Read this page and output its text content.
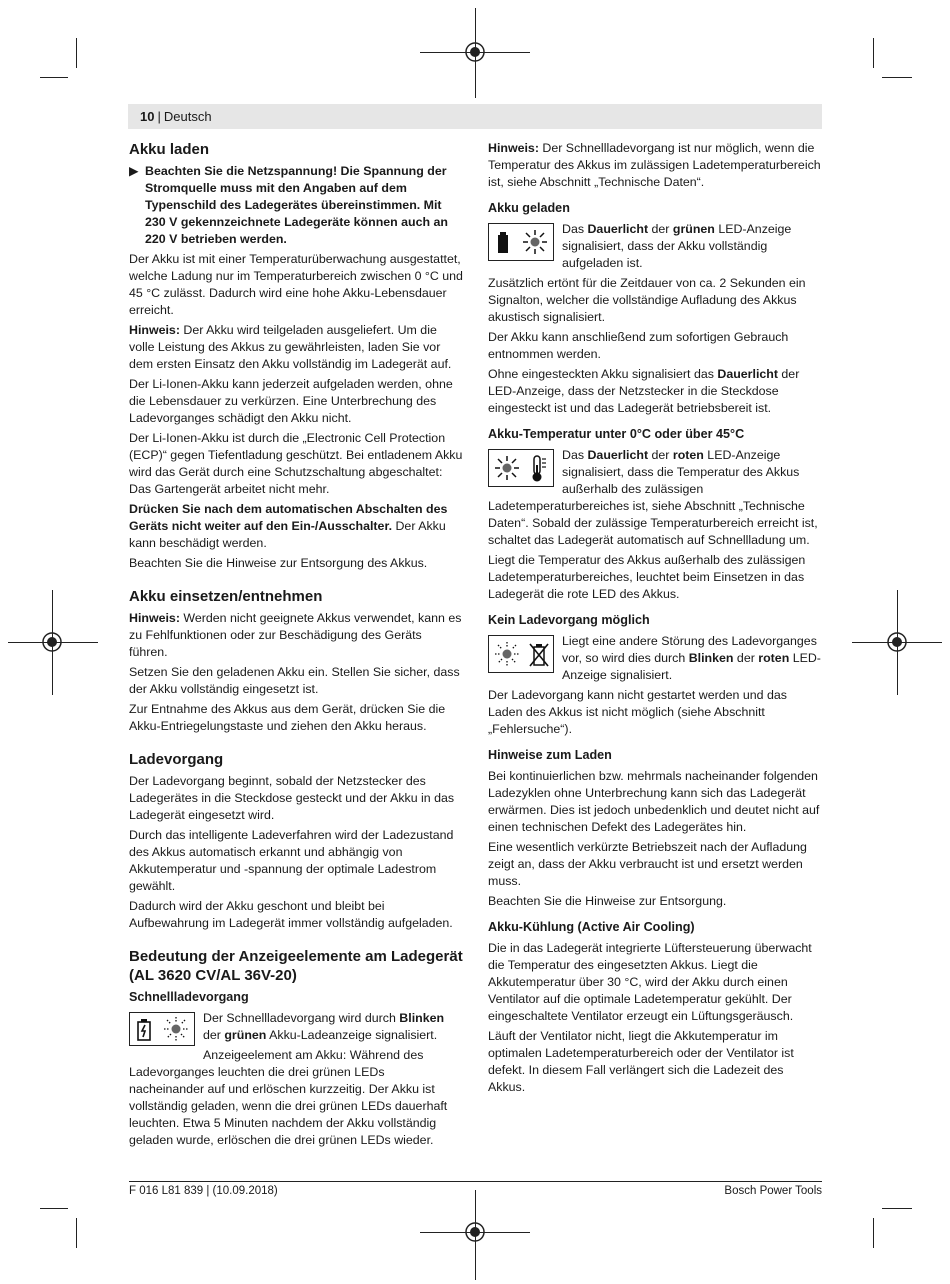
10 | Deutsch
Akku laden
▶ Beachten Sie die Netzspannung! Die Spannung der Stromquelle muss mit den Angaben auf dem Typenschild des Ladegerätes übereinstimmen. Mit 230 V gekennzeichnete Ladegeräte können auch an 220 V betrieben werden.

Der Akku ist mit einer Temperaturüberwachung ausgestattet, welche Ladung nur im Temperaturbereich zwischen 0 °C und 45 °C zulässt. Dadurch wird eine hohe Akku-Lebensdauer erreicht.

Hinweis: Der Akku wird teilgeladen ausgeliefert. Um die volle Leistung des Akkus zu gewährleisten, laden Sie vor dem ersten Einsatz den Akku vollständig im Ladegerät auf.

Der Li-Ionen-Akku kann jederzeit aufgeladen werden, ohne die Lebensdauer zu verkürzen. Eine Unterbrechung des Ladevorganges schädigt den Akku nicht.

Der Li-Ionen-Akku ist durch die „Electronic Cell Protection (ECP)“ gegen Tiefentladung geschützt. Bei entladenem Akku wird das Gerät durch eine Schutzschaltung abgeschaltet: Das Gartengerät arbeitet nicht mehr.

Drücken Sie nach dem automatischen Abschalten des Geräts nicht weiter auf den Ein-/Ausschalter. Der Akku kann beschädigt werden.

Beachten Sie die Hinweise zur Entsorgung des Akkus.

Akku einsetzen/entnehmen

Hinweis: Werden nicht geeignete Akkus verwendet, kann es zu Fehlfunktionen oder zur Beschädigung des Geräts führen.

Setzen Sie den geladenen Akku ein. Stellen Sie sicher, dass der Akku vollständig eingesetzt ist.

Zur Entnahme des Akkus aus dem Gerät, drücken Sie die Akku-Entriegelungstaste und ziehen den Akku heraus.

Ladevorgang

Der Ladevorgang beginnt, sobald der Netzstecker des Ladegerätes in die Steckdose gesteckt und der Akku in das Ladegerät eingesetzt wird.

Durch das intelligente Ladeverfahren wird der Ladezustand des Akkus automatisch erkannt und abhängig von Akkutemperatur und -spannung der optimale Ladestrom gewählt.

Dadurch wird der Akku geschont und bleibt bei Aufbewahrung im Ladegerät immer vollständig aufgeladen.

Bedeutung der Anzeigeelemente am Ladegerät (AL 3620 CV/AL 36V-20)
Schnellladevorgang

Der Schnellladevorgang wird durch Blinken der grünen Akku-Ladeanzeige signalisiert.

Anzeigeelement am Akku: Während des Ladevorganges leuchten die drei grünen LEDs nacheinander auf und erlöschen kurzzeitig. Der Akku ist vollständig geladen, wenn die drei grünen LEDs dauerhaft leuchten. Etwa 5 Minuten nachdem der Akku vollständig geladen wurde, erlöschen die drei grünen LEDs wieder.

Hinweis: Der Schnellladevorgang ist nur möglich, wenn die Temperatur des Akkus im zulässigen Ladetemperaturbereich ist, siehe Abschnitt „Technische Daten“.

Akku geladen

Das Dauerlicht der grünen LED-Anzeige signalisiert, dass der Akku vollständig aufgeladen ist.

Zusätzlich ertönt für die Zeitdauer von ca. 2 Sekunden ein Signalton, welcher die vollständige Aufladung des Akkus akustisch signalisiert.

Der Akku kann anschließend zum sofortigen Gebrauch entnommen werden.

Ohne eingesteckten Akku signalisiert das Dauerlicht der LED-Anzeige, dass der Netzstecker in die Steckdose eingesteckt ist und das Ladegerät betriebsbereit ist.

Akku-Temperatur unter 0°C oder über 45°C

Das Dauerlicht der roten LED-Anzeige signalisiert, dass die Temperatur des Akkus außerhalb des zulässigen Ladetemperaturbereiches ist, siehe Abschnitt „Technische Daten“. Sobald der zulässige Temperaturbereich erreicht ist, schaltet das Ladegerät automatisch auf Schnellladung um.

Liegt die Temperatur des Akkus außerhalb des zulässigen Ladetemperaturbereiches, leuchtet beim Einsetzen in das Ladegerät die rote LED des Akkus.

Kein Ladevorgang möglich

Liegt eine andere Störung des Ladevorganges vor, so wird dies durch Blinken der roten LED-Anzeige signalisiert.

Der Ladevorgang kann nicht gestartet werden und das Laden des Akkus ist nicht möglich (siehe Abschnitt „Fehlersuche“).

Hinweise zum Laden

Bei kontinuierlichen bzw. mehrmals nacheinander folgenden Ladezyklen ohne Unterbrechung kann sich das Ladegerät erwärmen. Dies ist jedoch unbedenklich und deutet nicht auf einen technischen Defekt des Ladegerätes hin.

Eine wesentlich verkürzte Betriebszeit nach der Aufladung zeigt an, dass der Akku verbraucht ist und ersetzt werden muss.

Beachten Sie die Hinweise zur Entsorgung.

Akku-Kühlung (Active Air Cooling)

Die in das Ladegerät integrierte Lüftersteuerung überwacht die Temperatur des eingesetzten Akkus. Liegt die Akkutemperatur über 30 °C, wird der Akku durch einen Ventilator auf die optimale Ladetemperatur gekühlt. Der eingeschaltete Ventilator erzeugt ein Lüftungsgeräusch.

Läuft der Ventilator nicht, liegt die Akkutemperatur im optimalen Ladetemperaturbereich oder der Ventilator ist defekt. In diesem Fall verlängert sich die Ladezeit des Akkus.

F 016 L81 839 | (10.09.2018)	Bosch Power Tools
